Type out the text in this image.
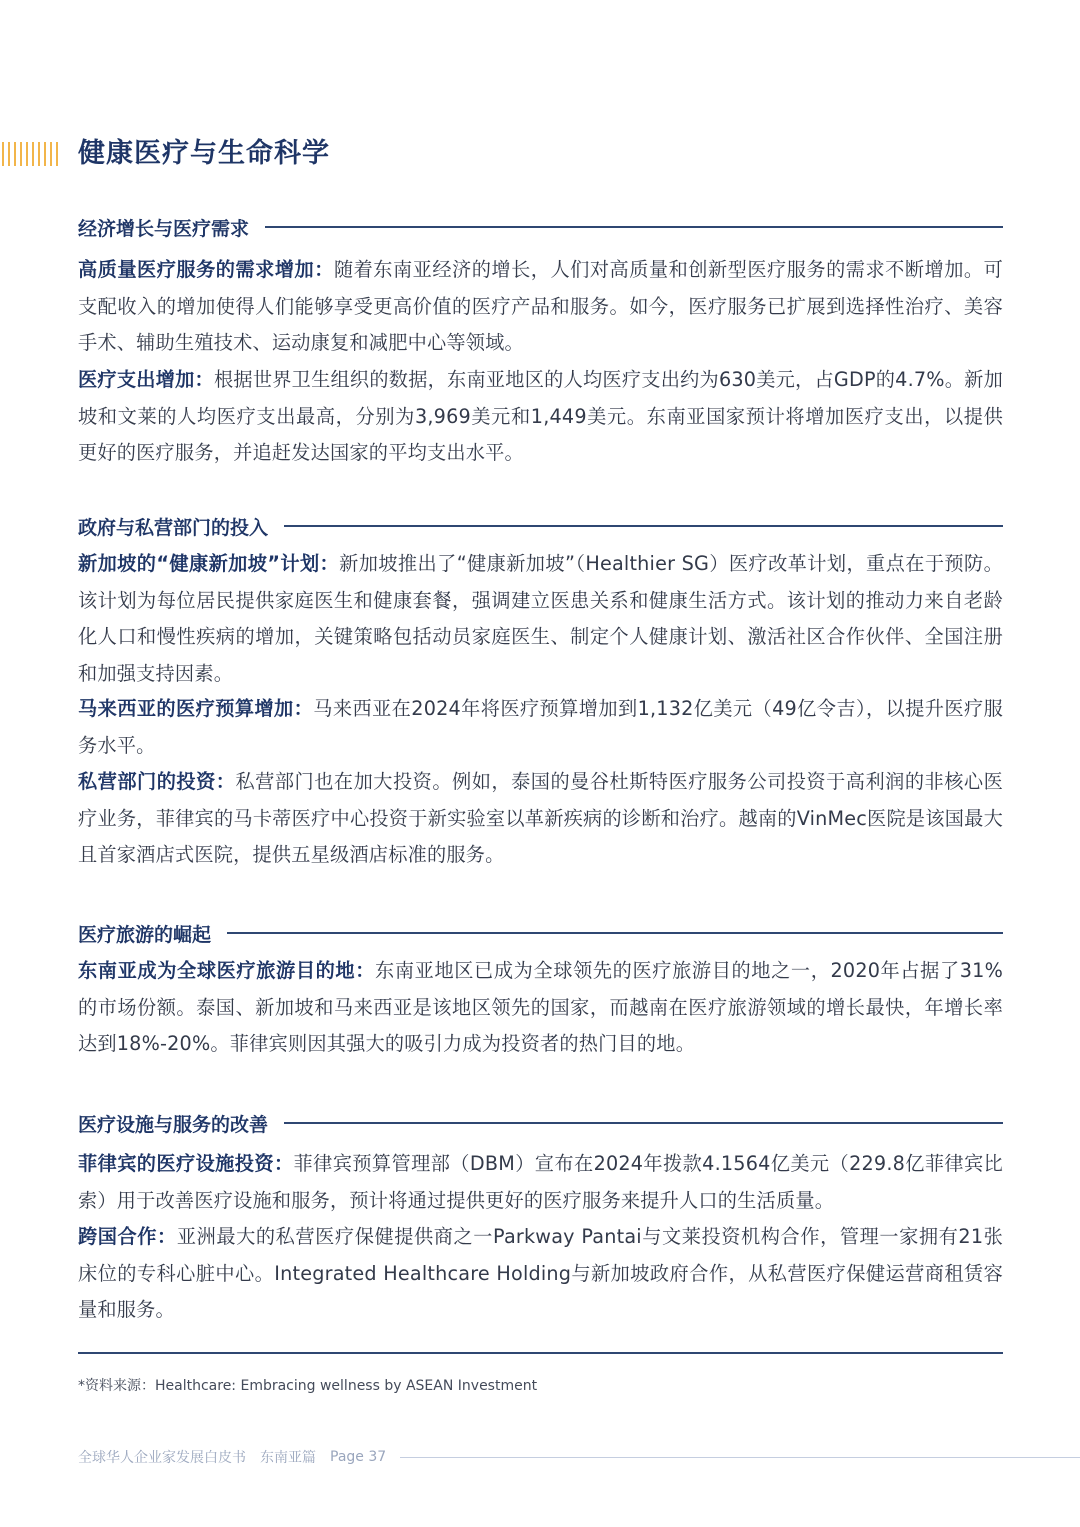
健康医疗与生命科学
经济增长与医疗需求

高质量医疗服务的需求增加：随着东南亚经济的增长，人们对高质量和创新型医疗服务的需求不断增加。可支配收入的增加使得人们能够享受更高价值的医疗产品和服务。如今，医疗服务已扩展到选择性治疗、美容手术、辅助生殖技术、运动康复和减肥中心等领域。

医疗支出增加：根据世界卫生组织的数据，东南亚地区的人均医疗支出约为630美元，占GDP的4.7%。新加坡和文莱的人均医疗支出最高，分别为3,969美元和1,449美元。东南亚国家预计将增加医疗支出，以提供更好的医疗服务，并追赶发达国家的平均支出水平。

政府与私营部门的投入

新加坡的“健康新加坡”计划：新加坡推出了“健康新加坡”（Healthier SG）医疗改革计划，重点在于预防。该计划为每位居民提供家庭医生和健康套餐，强调建立医患关系和健康生活方式。该计划的推动力来自老龄化人口和慢性疾病的增加，关键策略包括动员家庭医生、制定个人健康计划、激活社区合作伙伴、全国注册和加强支持因素。

马来西亚的医疗预算增加：马来西亚在2024年将医疗预算增加到1,132亿美元（49亿令吉），以提升医疗服务水平。

私营部门的投资：私营部门也在加大投资。例如，泰国的曼谷杜斯特医疗服务公司投资于高利润的非核心医疗业务，菲律宾的马卡蒂医疗中心投资于新实验室以革新疾病的诊断和治疗。越南的VinMec医院是该国最大且首家酒店式医院，提供五星级酒店标准的服务。

医疗旅游的崛起

东南亚成为全球医疗旅游目的地：东南亚地区已成为全球领先的医疗旅游目的地之一，2020年占据了31%的市场份额。泰国、新加坡和马来西亚是该地区领先的国家，而越南在医疗旅游领域的增长最快，年增长率达到18%-20%。菲律宾则因其强大的吸引力成为投资者的热门目的地。

医疗设施与服务的改善

菲律宾的医疗设施投资：菲律宾预算管理部（DBM）宣布在2024年拨款4.1564亿美元（229.8亿菲律宾比索）用于改善医疗设施和服务，预计将通过提供更好的医疗服务来提升人口的生活质量。

跨国合作：亚洲最大的私营医疗保健提供商之一Parkway Pantai与文莱投资机构合作，管理一家拥有21张床位的专科心脏中心。Integrated Healthcare Holding与新加坡政府合作，从私营医疗保健运营商租赁容量和服务。

*资料来源：Healthcare: Embracing wellness by ASEAN Investment
全球华人企业家发展白皮书 东南亚篇 Page 37
